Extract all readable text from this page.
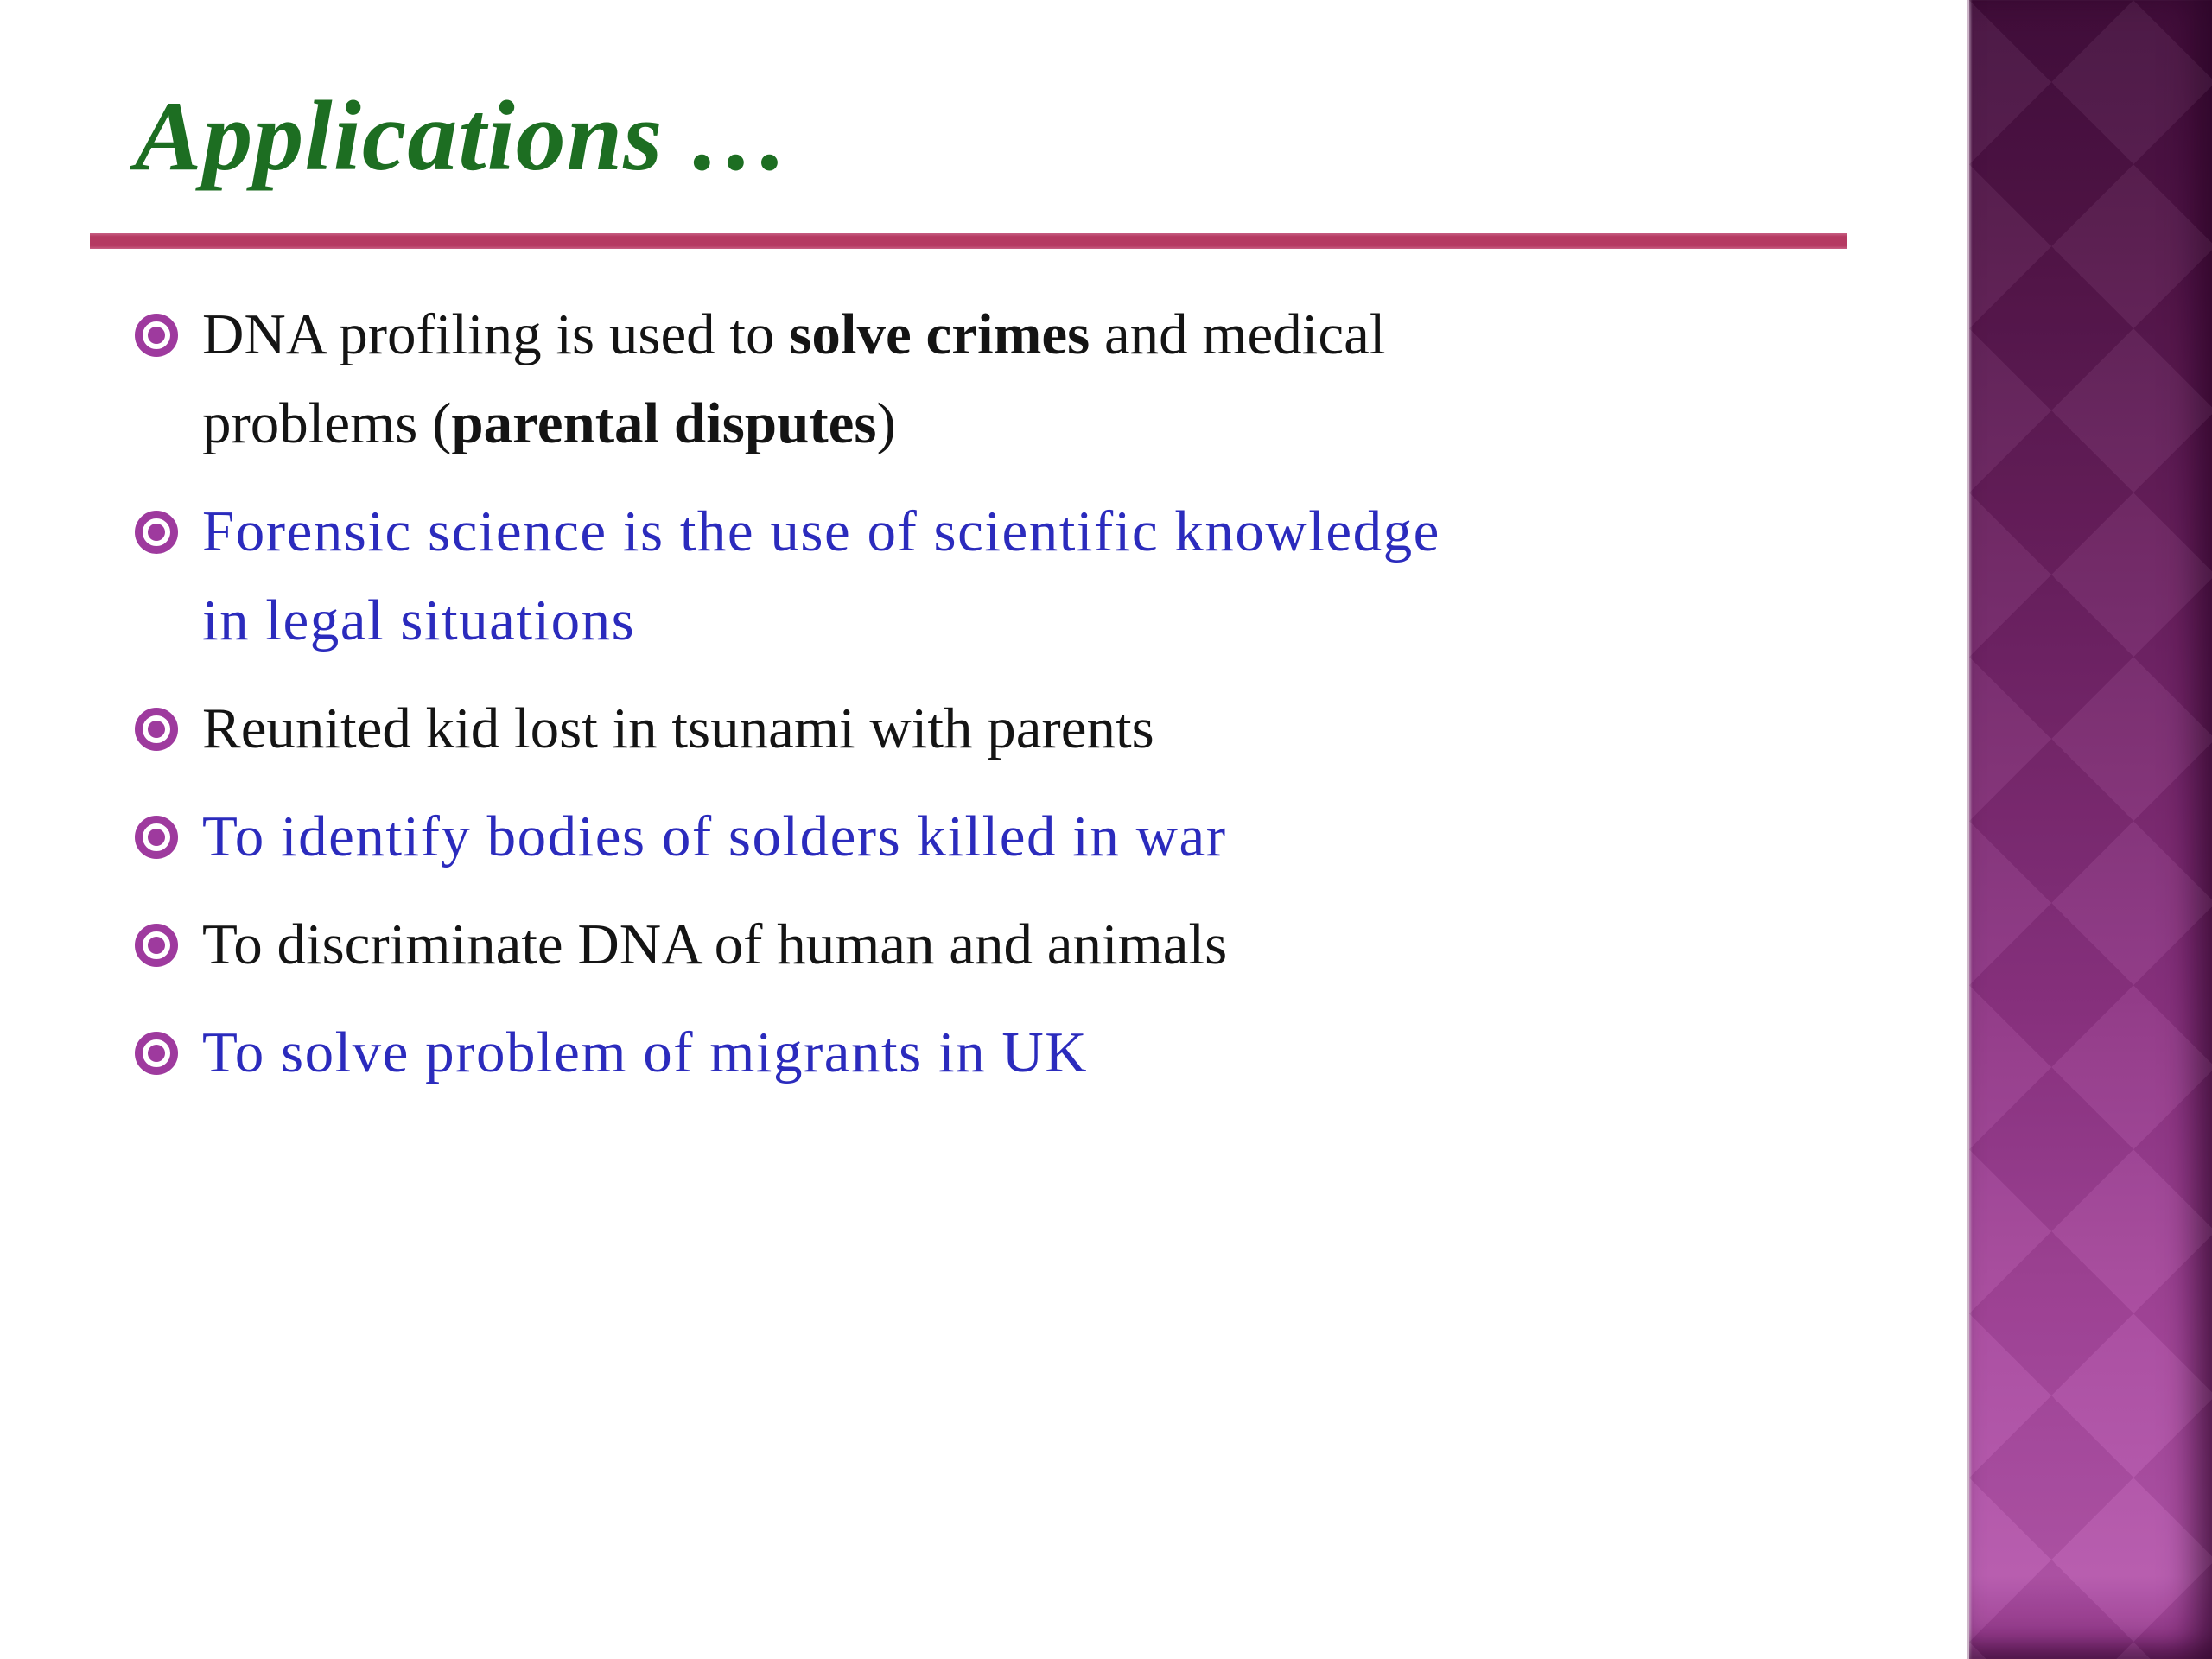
Applications …
DNA profiling is used to solve crimes and medical
problems (parental disputes)
Forensic science is the use of scientific knowledge
in legal situations
Reunited kid lost in tsunami with parents
To identify bodies of solders killed in war
To discriminate DNA of human and animals
To solve problem of migrants in UK
